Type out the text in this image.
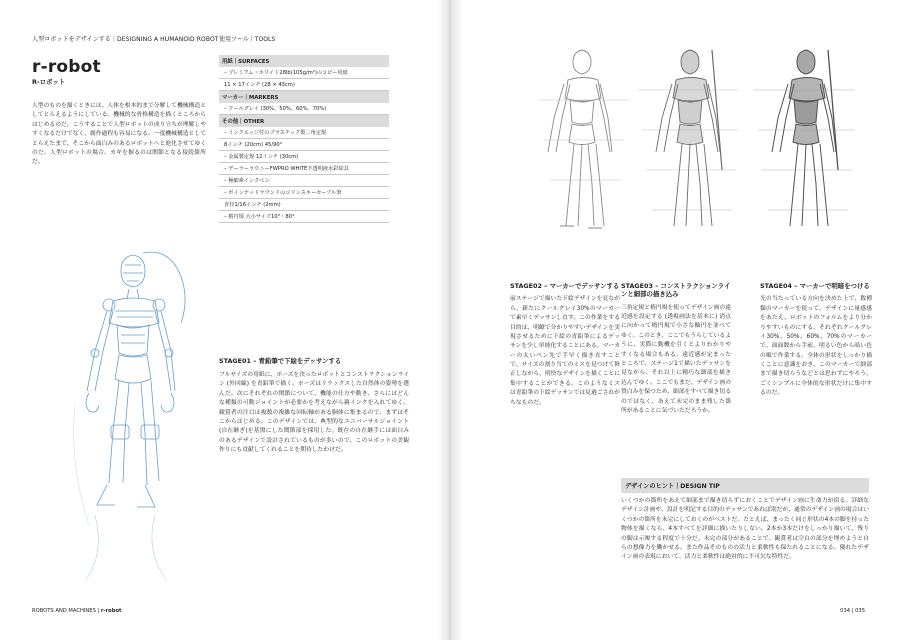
人型ロボットをデザインする | DESIGNING A HUMANOID ROBOT 使用ツール｜TOOLS
r-robot
R-ロボット
人型のものを描くときには、人体を根本的まで分解して機械構造としてとらえるようにしている。機械的な骨格構造を描くところからはじめるのだ。こうすることで人型ロボットの成り立ちが理解しやすくなるだけでなく、創作過程も容易になる。一度機械構造としてとらえたまで、そこから面白みのあるロボットへと進化させてゆくのだ。人型ロボットの場合、カギを握るのは関節となる接続箇所だ。
用紙｜SURFACES
– プレミアム・ホワイト28lb(105g/m²)のコピー用紙
11 × 17インチ (28 × 43cm)
マーカー｜MARKERS
– クールグレイ (30%、50%、60%、70%)
その他｜OTHER
– インクエッジ付のプラスチック製三角定規
8インチ (20cm) 45/90°
– 金属製定規 12インチ (30cm)
– デーラーラウニーFWPRO WHITE不透明液水彩絵具
– 極細素インクペン
– ポインテッドラウンドのコリンスキーセーブル筆
直径1/16インチ (2mm)
– 楕円規 大小サイズ10°・80°
STAGE01 – 青鉛筆で下絵をデッサンする
フルサイズの用紙に、ポーズを決ったロボットとコンストラクションライン (外回線) を青鉛筆で描く。ポーズはリラックスした自然体の姿勢を選んだ。次にそれぞれの関節について、機能の仕方や動き、さらにはどんな種類の可動ジョイントが必要かを考えながら親インクを入れてゆく。観賞者の注目は複数の複雑な回転軸がある胴体に集まるので、まずはそこからはじめる。このデザインでは、典型的なユニバーサルジョイント(自在継ぎ)を基盤にした関節部を採用した。既存の自在継手には面白みのあるデザインで設計されているものが多いので、このロボットの美観作りにも貢献してくれることを期待したわけだ。
ROBOTS AND MACHINES | r-robot
STAGE02 – マーカーでデッサンする
前ステージで描いた下絵デザインを見ながら、新たにクールグレイ30%のマーカーで素早くデッサンし直す。この作業をする目的は、明瞭で分かりやすいデザインを実現させるために下絵の青鉛筆によるデッサンを少し単純化することにある。マーカーの太いペン先で手早く描き直すことで、サイズの割り当てのミスを見つけて修正しながら、明快なデザインを描くことに集中することができる。このようなミスは青鉛筆の下絵デッサンでは見過ごされがちなものだ。
STAGE03 – コンストラクションラインと細部の描き込み
三角定規と楕円規を使ってデザイン画の遠近感を設定する (透視画法を基本に) 消点に向かって楕円規で小さな軸円を並べてゆく。このとき、ここでもうらしているように、実際に動機を引くとよりわかりやすくなる場合もある。遠近感が定まったところで、ステージ1で描いたデッサンを見ながら、それ以上に精巧な細部を描き込んでゆく。ここでもまだ、デザイン画の質白みを保つため、細部をすべて描き切るのではなく、あえて未完のまま残した箇所があることに気づいただろうか。
STAGE04 – マーカーで明暗をつける
光の当たっている方向を決めた上で、数種類のマーカーを使って、デザインに量感感をあたえ、ロボットのフォルムをより分かりやすいものにする。それぞれクールグレイ30%、50%、60%、70%のマーカーで、面面数から手前、明るい色から暗い色の順で作業する。全体の形状をしっかり描くことに意識をおき、このマーカーで細部まで描き切らうなどとは思わずにやろう。ごくシンプルに全体的な形状だけに集中するのだ。
デザインのヒント｜DESIGN TIP
いくつかの箇所をあえて細部まで描き切らずにおくことでデザイン画に生命力が宿る。詳細なデザイン計画や、設計を明記する目的のデッサンであれば別だが、通常のデザイン画の場合はいくつかの箇所を未完にしておくのがベストだ。たとえば、まったく同じ形状の4本の脚を持った物体を描くなら、4本すべてを詳細に描いたりしない。2本か3本だけをしっかり描いて、残りの脚は示唆する程度で十分だ。未完の部分があることで、観賞者は空白の部分を埋めようと自らの想像力を働かせる。また作品そのものの活力と柔軟性も保たれることになる。優れたデザイン画の表現において、活力と柔軟性は絶対的に不可欠な特性だ。
034 | 035
